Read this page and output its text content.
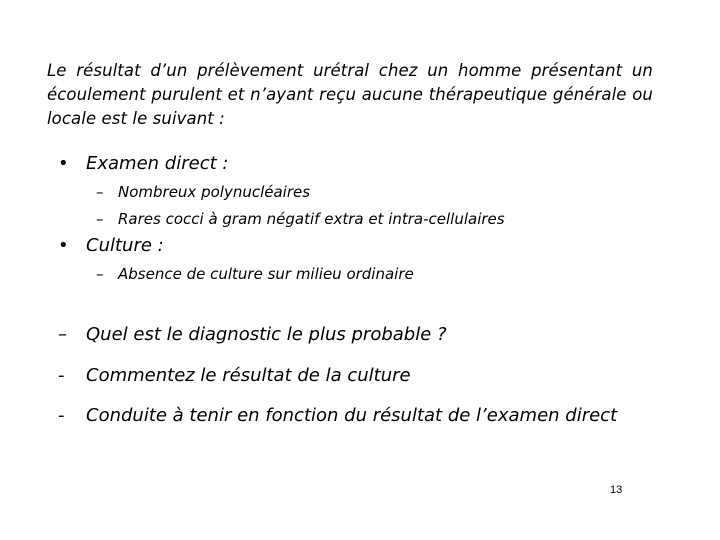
Le résultat d’un prélèvement urétral chez un homme présentant un écoulement purulent et n’ayant reçu aucune thérapeutique générale ou locale est le suivant :
• Examen direct :
– Nombreux polynucléaires
– Rares cocci à gram négatif extra et intra-cellulaires
• Culture :
– Absence de culture sur milieu ordinaire
– Quel est le diagnostic le plus probable ?
- Commentez le résultat de la culture
- Conduite à tenir en fonction du résultat de l’examen direct
13
